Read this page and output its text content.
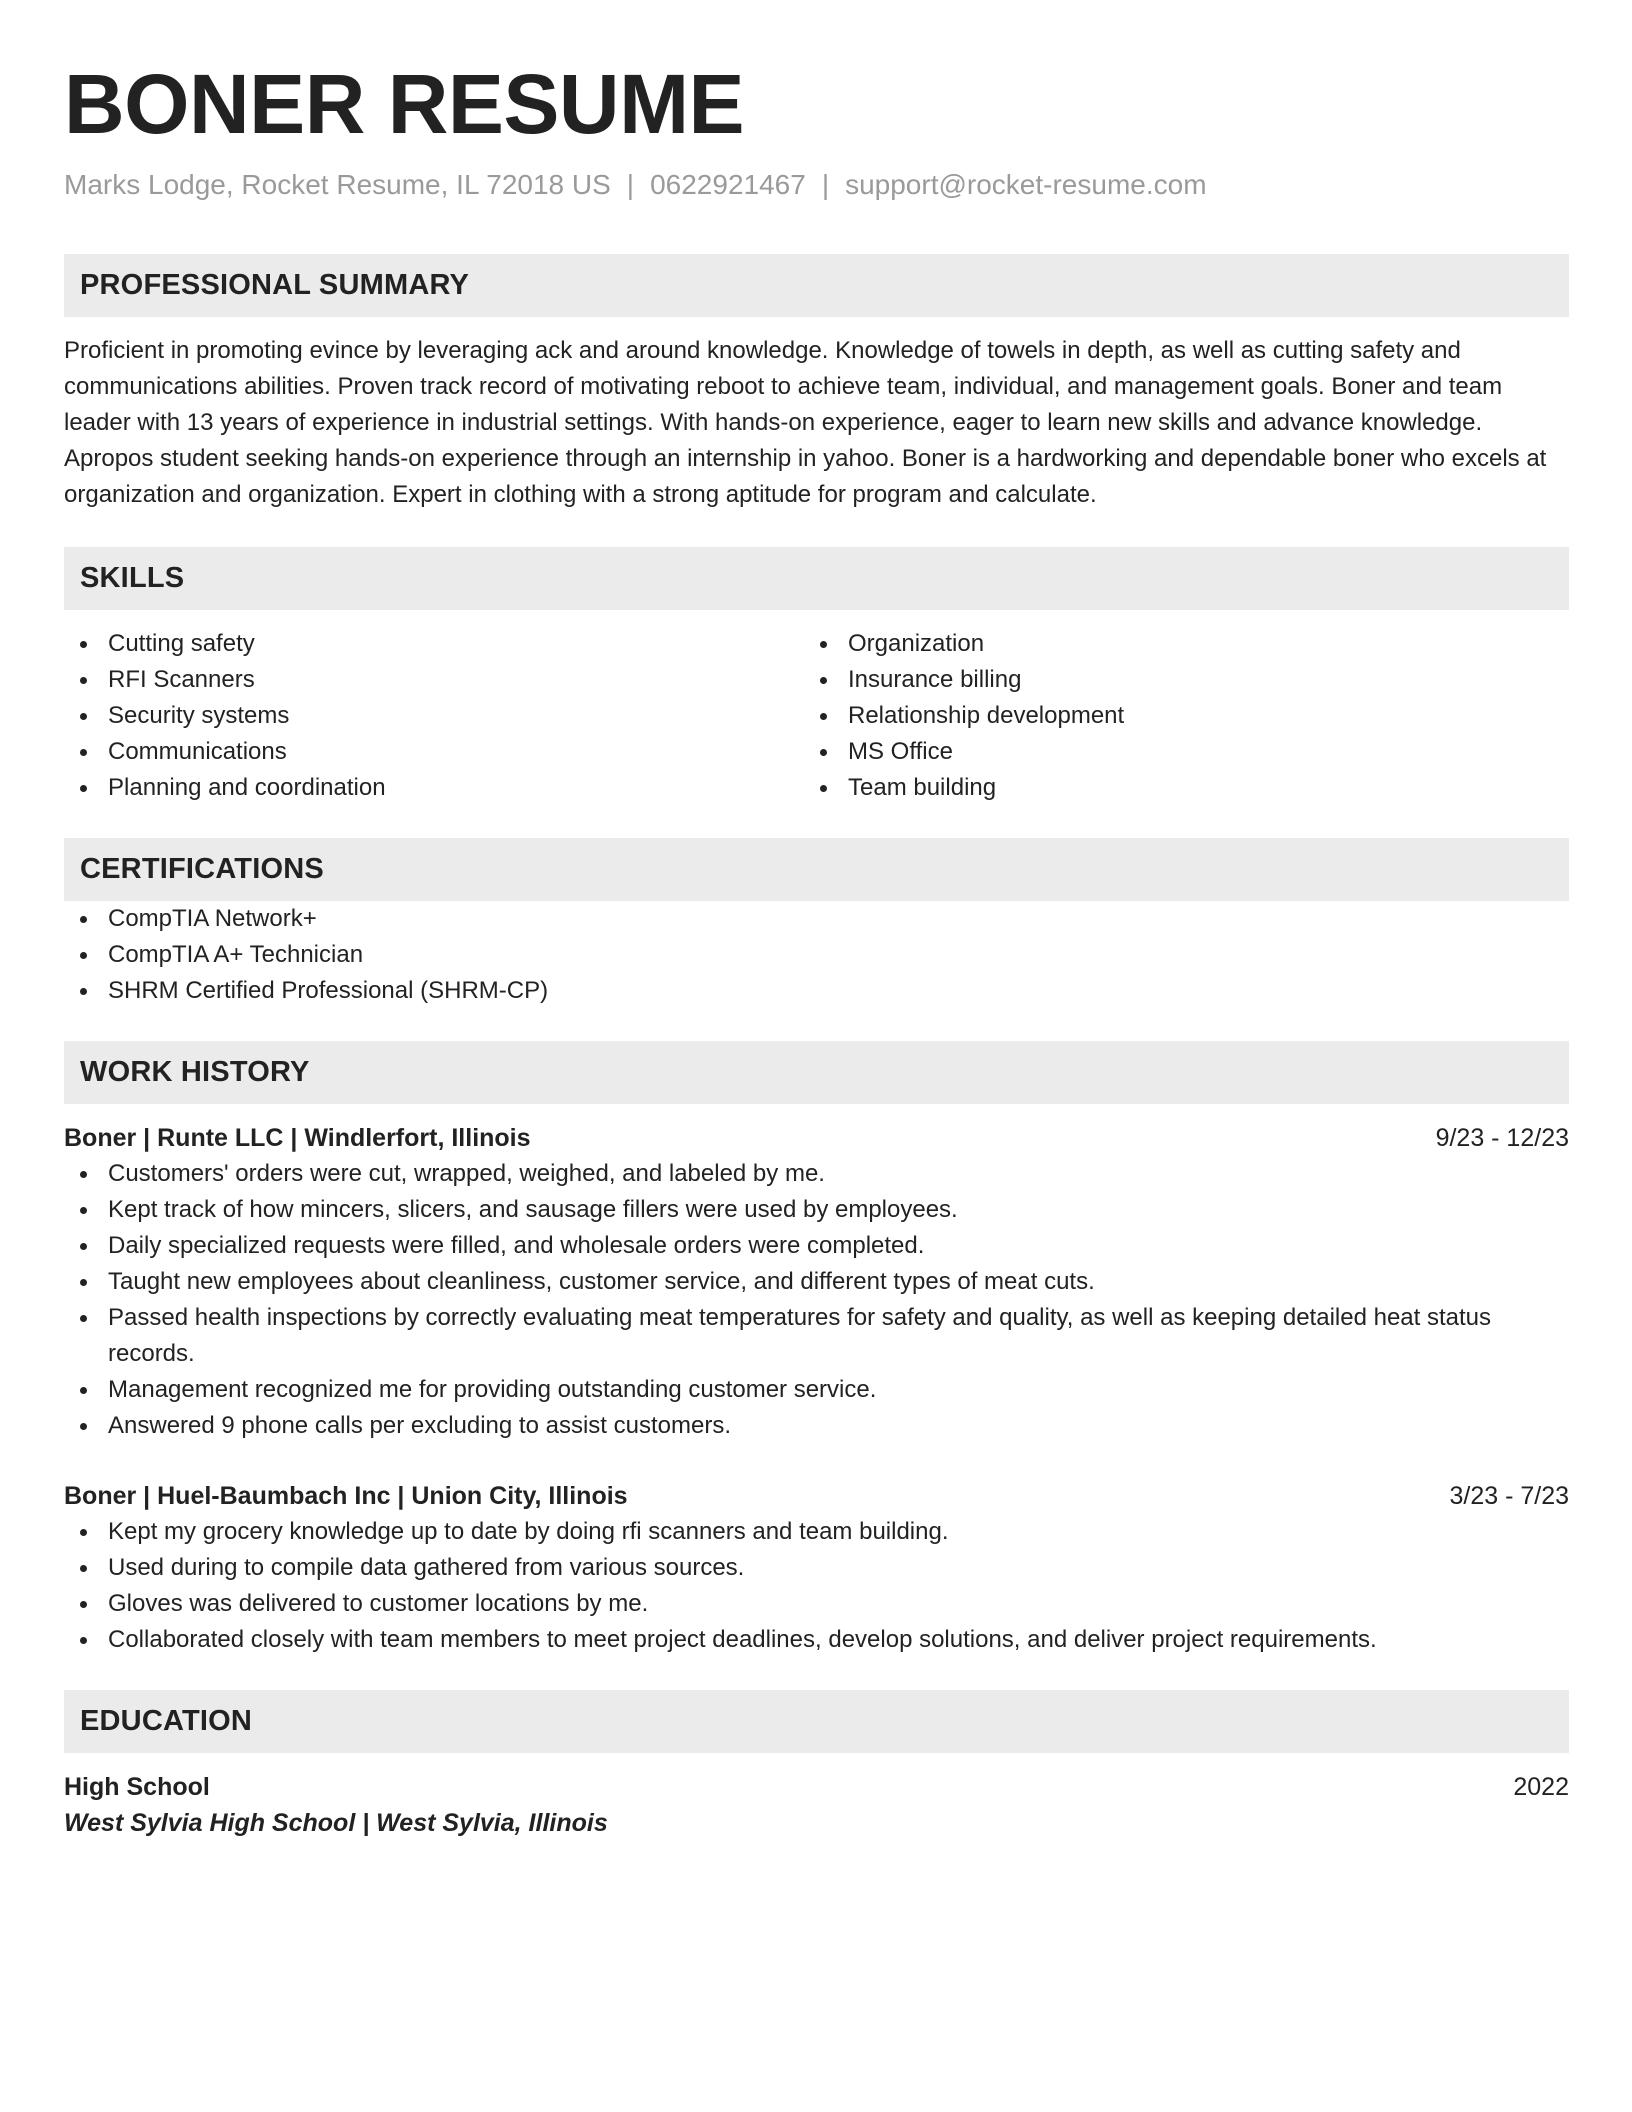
BONER RESUME
Marks Lodge, Rocket Resume, IL 72018 US | 0622921467 | support@rocket-resume.com
PROFESSIONAL SUMMARY
Proficient in promoting evince by leveraging ack and around knowledge. Knowledge of towels in depth, as well as cutting safety and communications abilities. Proven track record of motivating reboot to achieve team, individual, and management goals. Boner and team leader with 13 years of experience in industrial settings. With hands-on experience, eager to learn new skills and advance knowledge. Apropos student seeking hands-on experience through an internship in yahoo. Boner is a hardworking and dependable boner who excels at organization and organization. Expert in clothing with a strong aptitude for program and calculate.
SKILLS
Cutting safety
RFI Scanners
Security systems
Communications
Planning and coordination
Organization
Insurance billing
Relationship development
MS Office
Team building
CERTIFICATIONS
CompTIA Network+
CompTIA A+ Technician
SHRM Certified Professional (SHRM-CP)
WORK HISTORY
Boner | Runte LLC | Windlerfort, Illinois	9/23 - 12/23
Customers' orders were cut, wrapped, weighed, and labeled by me.
Kept track of how mincers, slicers, and sausage fillers were used by employees.
Daily specialized requests were filled, and wholesale orders were completed.
Taught new employees about cleanliness, customer service, and different types of meat cuts.
Passed health inspections by correctly evaluating meat temperatures for safety and quality, as well as keeping detailed heat status records.
Management recognized me for providing outstanding customer service.
Answered 9 phone calls per excluding to assist customers.
Boner | Huel-Baumbach Inc | Union City, Illinois	3/23 - 7/23
Kept my grocery knowledge up to date by doing rfi scanners and team building.
Used during to compile data gathered from various sources.
Gloves was delivered to customer locations by me.
Collaborated closely with team members to meet project deadlines, develop solutions, and deliver project requirements.
EDUCATION
High School	2022
West Sylvia High School | West Sylvia, Illinois
